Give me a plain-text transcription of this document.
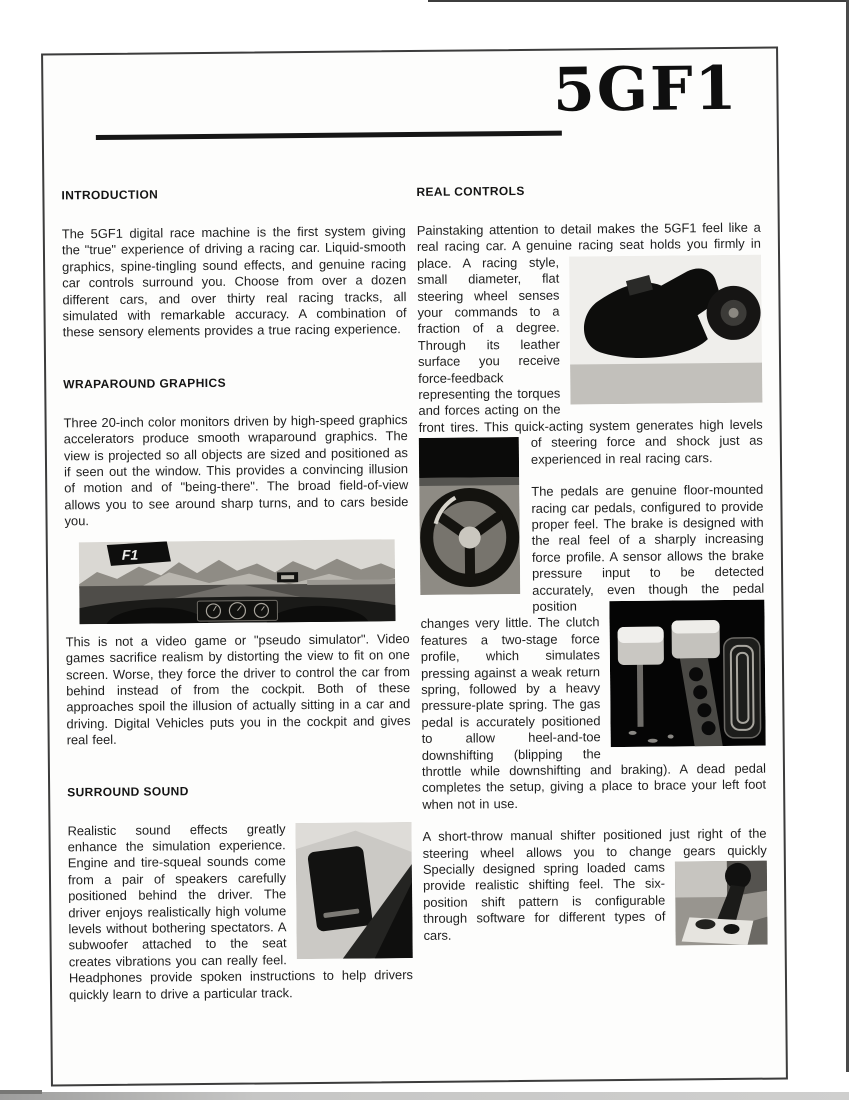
5GF1
INTRODUCTION
The 5GF1 digital race machine is the first system giving the "true" experience of driving a racing car. Liquid-smooth graphics, spine-tingling sound effects, and genuine racing car controls surround you. Choose from over a dozen different cars, and over thirty real racing tracks, all simulated with remarkable accuracy. A combination of these sensory elements provides a true racing experience.
WRAPAROUND GRAPHICS
Three 20-inch color monitors driven by high-speed graphics accelerators produce smooth wraparound graphics. The view is projected so all objects are sized and positioned as if seen out the window. This provides a convincing illusion of motion and of "being-there". The broad field-of-view allows you to see around sharp turns, and to cars beside you.
F1
This is not a video game or "pseudo simulator". Video games sacrifice realism by distorting the view to fit on one screen. Worse, they force the driver to control the car from behind instead of from the cockpit. Both of these approaches spoil the illusion of actually sitting in a car and driving. Digital Vehicles puts you in the cockpit and gives real feel.
SURROUND SOUND
Realistic sound effects greatly enhance the simulation experience. Engine and tire-squeal sounds come from a pair of speakers carefully positioned behind the driver. The driver enjoys realistically high volume levels without bothering spectators. A subwoofer attached to the seat creates vibrations you can really feel. Headphones provide spoken instructions to help drivers quickly learn to drive a particular track.
REAL CONTROLS
Painstaking attention to detail makes the 5GF1 feel like a real racing car. A genuine racing seat holds you firmly in
place. A racing style, small diameter, flat steering wheel senses your commands to a fraction of a degree. Through its leather surface you receive force-feedback representing the torques and forces acting on the front tires. This quick-acting system generates high levels
of steering force and shock just as experienced in real racing cars.
The pedals are genuine floor-mounted racing car pedals, configured to provide proper feel. The brake is designed with the real feel of a sharply increasing force profile. A sensor allows the brake pressure input to be detected accurately, even though the pedal position changes very little. The clutch features a two-stage force profile, which simulates pressing against a weak return spring, followed by a heavy pressure-plate spring. The gas pedal is accurately positioned to allow heel-and-toe downshifting (blipping the throttle while downshifting and braking). A dead pedal completes the setup, giving a place to brace your left foot when not in use.
A short-throw manual shifter positioned just right of the steering wheel allows you to change gears quickly
Specially designed spring loaded cams provide realistic shifting feel. The six-position shift pattern is configurable through software for different types of cars.
